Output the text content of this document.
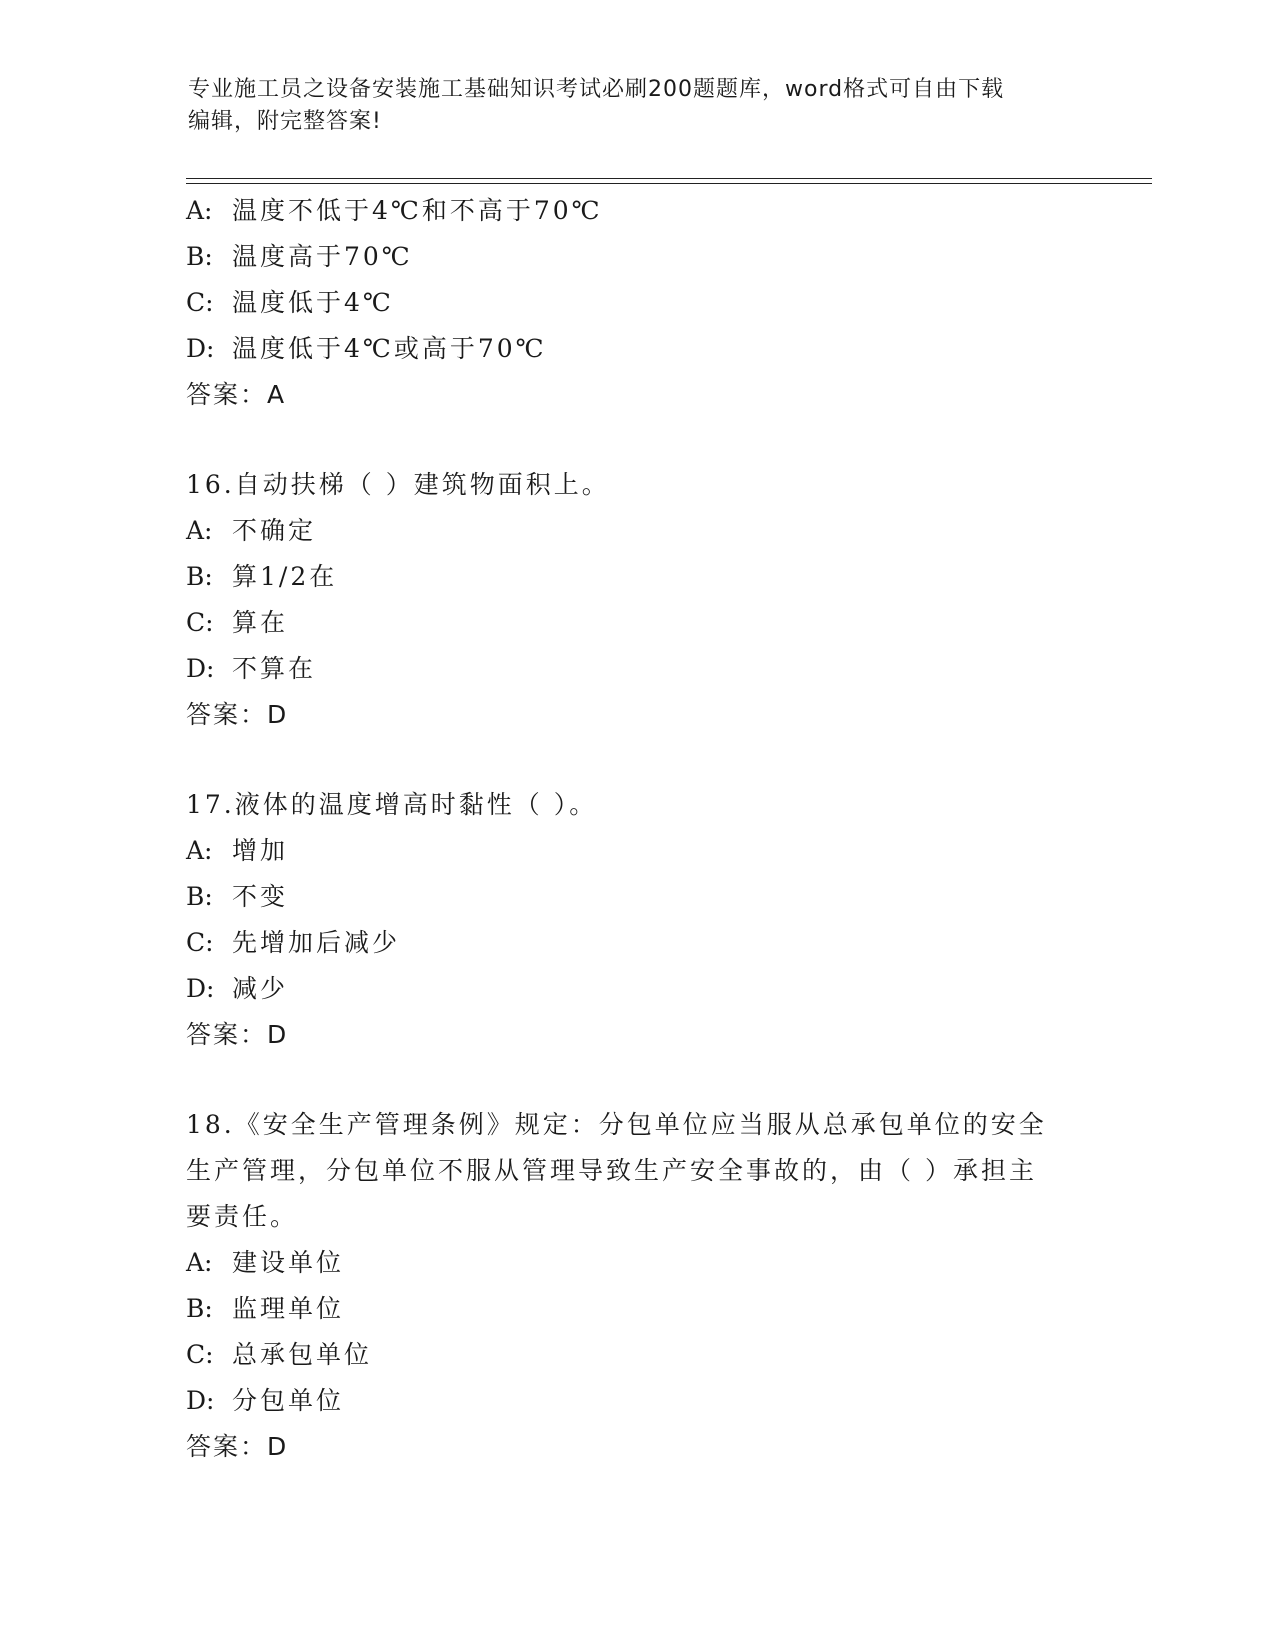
专业施工员之设备安装施工基础知识考试必刷200题题库，word格式可自由下载
编辑，附完整答案!
A: 温度不低于4℃和不高于70℃
B: 温度高于70℃
C: 温度低于4℃
D: 温度低于4℃或高于70℃
答案：A
16.自动扶梯（ ）建筑物面积上。
A: 不确定
B: 算1/2在
C: 算在
D: 不算在
答案：D
17.液体的温度增高时黏性（ ）。
A: 增加
B: 不变
C: 先增加后减少
D: 减少
答案：D
18.《安全生产管理条例》规定：分包单位应当服从总承包单位的安全
生产管理，分包单位不服从管理导致生产安全事故的，由（ ）承担主
要责任。
A: 建设单位
B: 监理单位
C: 总承包单位
D: 分包单位
答案：D
